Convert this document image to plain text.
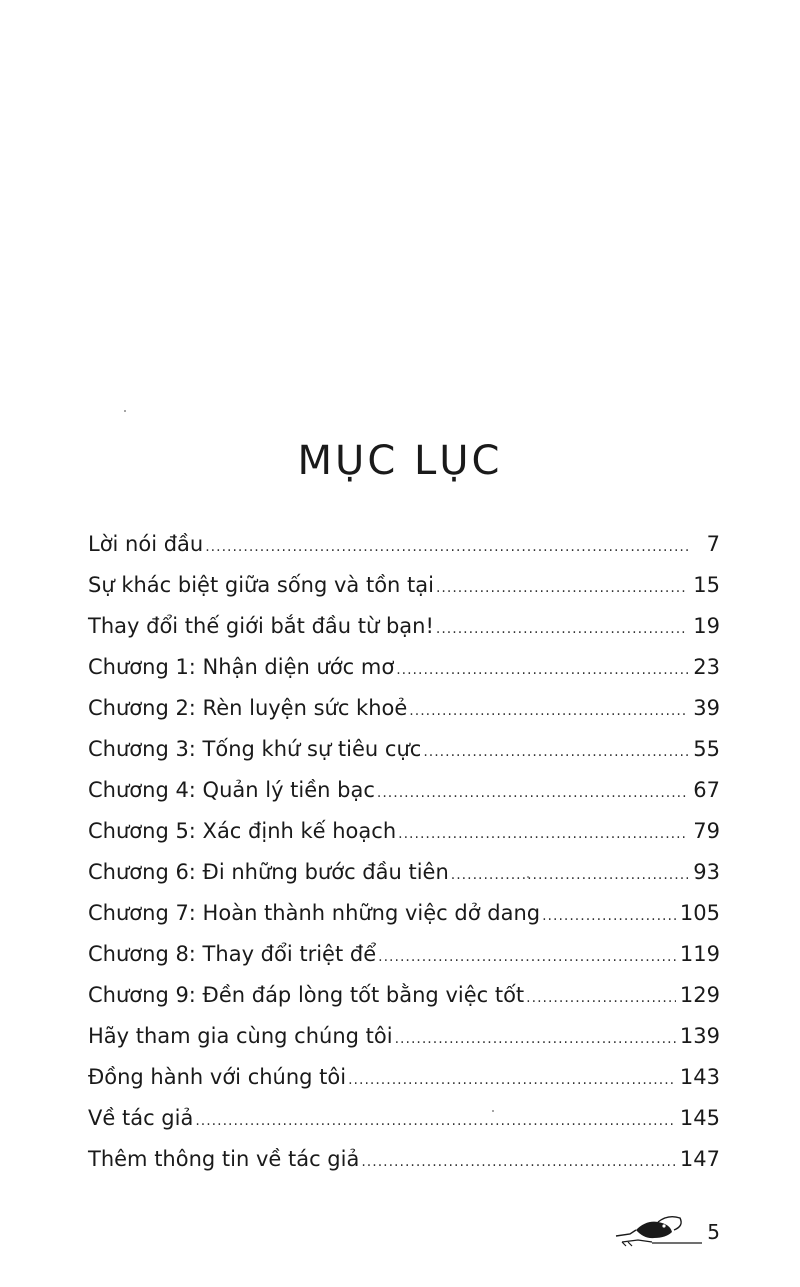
MỤC LỤC
Lời nói đầu .....	7
Sự khác biệt giữa sống và tồn tại .....	15
Thay đổi thế giới bắt đầu từ bạn! .....	19
Chương 1: Nhận diện ước mơ .....	23
Chương 2: Rèn luyện sức khoẻ .....	39
Chương 3: Tống khứ sự tiêu cực .....	55
Chương 4: Quản lý tiền bạc .....	67
Chương 5: Xác định kế hoạch .....	79
Chương 6: Đi những bước đầu tiên .....	93
Chương 7: Hoàn thành những việc dở dang .....	105
Chương 8: Thay đổi triệt để .....	119
Chương 9: Đền đáp lòng tốt bằng việc tốt .....	129
Hãy tham gia cùng chúng tôi .....	139
Đồng hành với chúng tôi .....	143
Về tác giả .....	145
Thêm thông tin về tác giả .....	147
5
